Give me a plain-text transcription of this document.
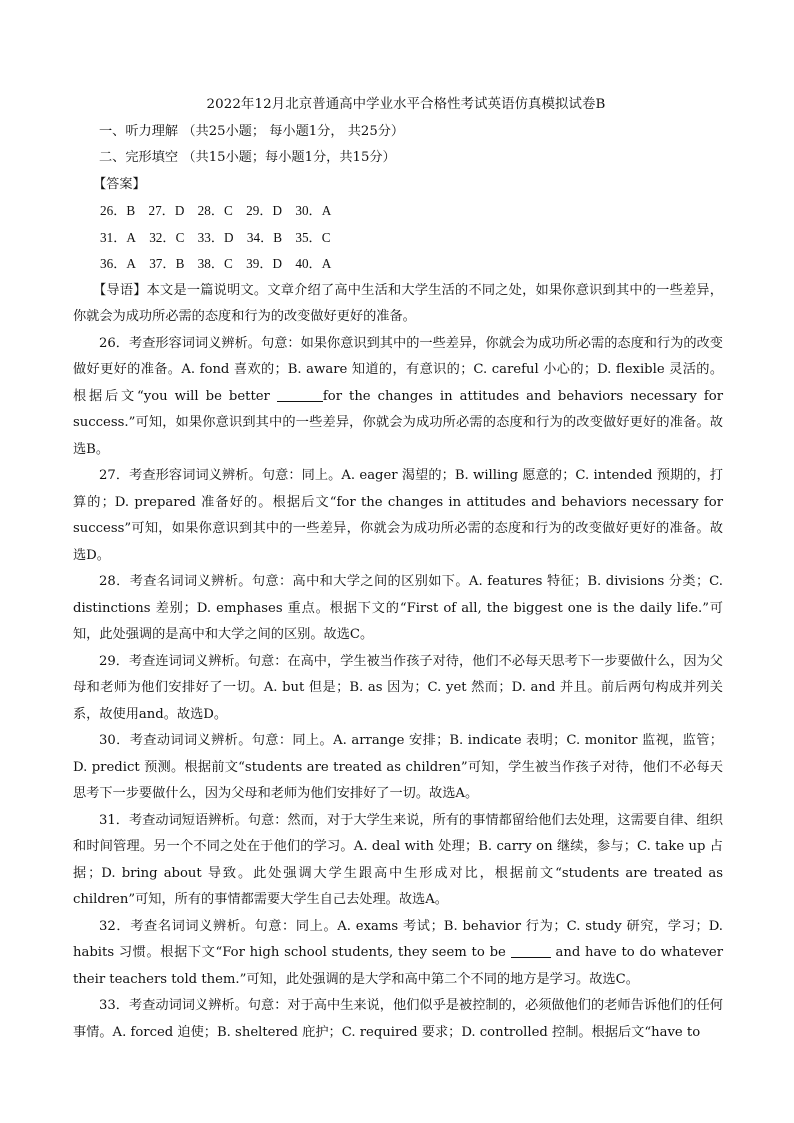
2022年12月北京普通高中学业水平合格性考试英语仿真模拟试卷B
一、听力理解 （共25小题； 每小题1分， 共25分）
二、完形填空 （共15小题；每小题1分，共15分）
【答案】
26．B 27．D 28．C 29．D 30．A
31．A 32．C 33．D 34．B 35．C
36．A 37．B 38．C 39．D 40．A

【导语】本文是一篇说明文。文章介绍了高中生活和大学生活的不同之处，如果你意识到其中的一些差异，你就会为成功所必需的态度和行为的改变做好更好的准备。

26．考查形容词词义辨析。句意：如果你意识到其中的一些差异，你就会为成功所必需的态度和行为的改变做好更好的准备。A. fond 喜欢的；B. aware 知道的，有意识的；C. careful 小心的；D. flexible 灵活的。根据后文“you will be better	for the changes in attitudes and behaviors necessary for success.”可知，如果你意识到其中的一些差异，你就会为成功所必需的态度和行为的改变做好更好的准备。故选B。

27．考查形容词词义辨析。句意：同上。A. eager 渴望的；B. willing 愿意的；C. intended 预期的，打算的；D. prepared 准备好的。根据后文“for the changes in attitudes and behaviors necessary for success”可知，如果你意识到其中的一些差异，你就会为成功所必需的态度和行为的改变做好更好的准备。故选D。

28．考查名词词义辨析。句意：高中和大学之间的区别如下。A. features 特征；B. divisions 分类；C. distinctions 差别；D. emphases 重点。根据下文的“First of all, the biggest one is the daily life.”可知，此处强调的是高中和大学之间的区别。故选C。

29．考查连词词义辨析。句意：在高中，学生被当作孩子对待，他们不必每天思考下一步要做什么，因为父母和老师为他们安排好了一切。A. but 但是；B. as 因为；C. yet 然而；D. and 并且。前后两句构成并列关系，故使用and。故选D。

30．考查动词词义辨析。句意：同上。A. arrange 安排；B. indicate 表明；C. monitor 监视，监管；D. predict 预测。根据前文“students are treated as children”可知，学生被当作孩子对待，他们不必每天思考下一步要做什么，因为父母和老师为他们安排好了一切。故选A。

31．考查动词短语辨析。句意：然而，对于大学生来说，所有的事情都留给他们去处理，这需要自律、组织和时间管理。另一个不同之处在于他们的学习。A. deal with 处理；B. carry on 继续，参与；C. take up 占据；D. bring about 导致。此处强调大学生跟高中生形成对比，根据前文“students are treated as children”可知，所有的事情都需要大学生自己去处理。故选A。

32．考查名词词义辨析。句意：同上。A. exams 考试；B. behavior 行为；C. study 研究，学习；D. habits 习惯。根据下文“For high school students, they seem to be	and have to do whatever their teachers told them.”可知，此处强调的是大学和高中第二个不同的地方是学习。故选C。

33．考查动词词义辨析。句意：对于高中生来说，他们似乎是被控制的，必须做他们的老师告诉他们的任何事情。A. forced 迫使；B. sheltered 庇护；C. required 要求；D. controlled 控制。根据后文“have to
